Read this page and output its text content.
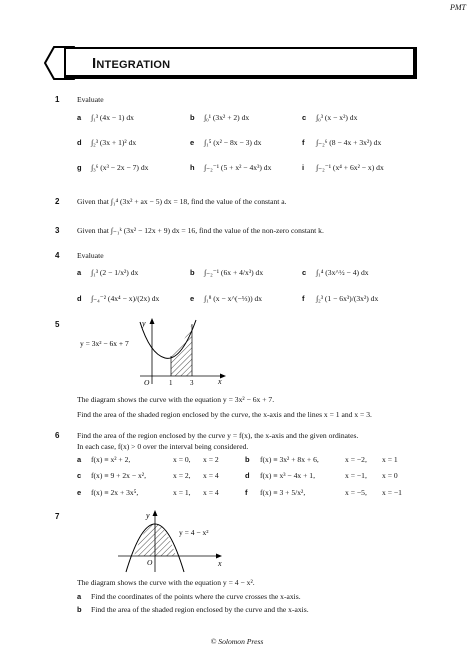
PMT
INTEGRATION
1 Evaluate
a ∫₁³ (4x − 1) dx	b ∫₀¹ (3x² + 2) dx	c ∫₀³ (x − x²) dx
d ∫₂³ (3x + 1)² dx	e ∫₁⁵ (x² − 8x − 3) dx	f ∫₋₂⁶ (8 − 4x + 3x²) dx
g ∫₃⁶ (x³ − 2x − 7) dx	h ∫₋₂⁻¹ (5 + x² − 4x³) dx	i ∫₋₂⁻¹ (x⁴ + 6x² − x) dx
2 Given that ∫₁⁴ (3x² + ax − 5) dx = 18, find the value of the constant a.
3 Given that ∫₋₁ᵏ (3x² − 12x + 9) dx = 16, find the value of the non-zero constant k.
4 Evaluate
a ∫₁³ (2 − 1/x²) dx	b ∫₋₂⁻¹ (6x + 4/x³) dx	c ∫₁⁴ (3x^½ − 4) dx
d ∫₋₄⁻² (4x⁴ − x)/(2x) dx	e ∫₁⁸ (x − x^(−⅓)) dx	f ∫₂³ (1 − 6x³)/(3x²) dx
5	y
y = 3x² − 6x + 7
O	1	3	x
The diagram shows the curve with the equation y = 3x² − 6x + 7.
Find the area of the shaded region enclosed by the curve, the x-axis and the lines x = 1 and x = 3.
6 Find the area of the region enclosed by the curve y = f(x), the x-axis and the given ordinates.
In each case, f(x) > 0 over the interval being considered.
a f(x) ≡ x² + 2,	x = 0, x = 2	b f(x) ≡ 3x² + 8x + 6,	x = −2, x = 1
c f(x) ≡ 9 + 2x − x²,	x = 2, x = 4	d f(x) ≡ x³ − 4x + 1,	x = −1, x = 0
e f(x) ≡ 2x + 3x⁵,	x = 1, x = 4	f f(x) ≡ 3 + 5/x²,	x = −5, x = −1
7	y
y = 4 − x²
O	x
The diagram shows the curve with the equation y = 4 − x².
a Find the coordinates of the points where the curve crosses the x-axis.
b Find the area of the shaded region enclosed by the curve and the x-axis.
© Solomon Press
